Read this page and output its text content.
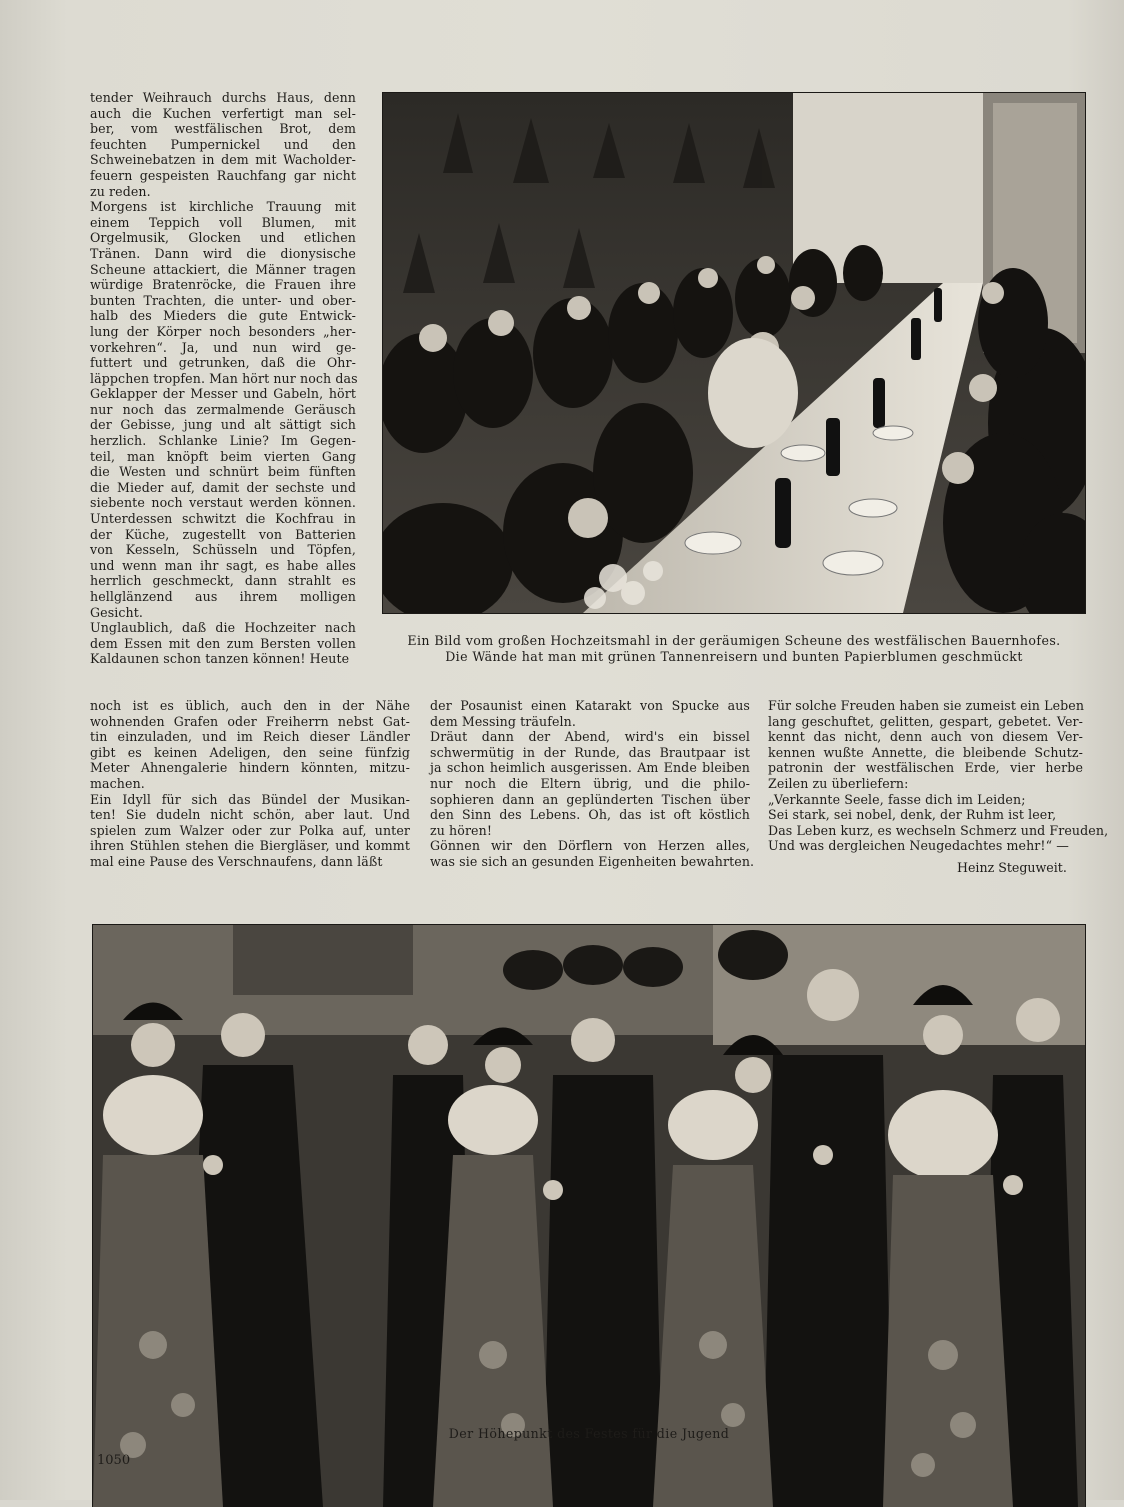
tender Weihrauch durchs Haus, denn
auch die Kuchen verfertigt man sel-
ber, vom westfälischen Brot, dem
feuchten Pumpernickel und den
Schweinebatzen in dem mit Wacholder-
feuern gespeisten Rauchfang gar nicht
zu reden.
Morgens ist kirchliche Trauung mit
einem Teppich voll Blumen, mit
Orgelmusik, Glocken und etlichen
Tränen. Dann wird die dionysische
Scheune attackiert, die Männer tragen
würdige Bratenröcke, die Frauen ihre
bunten Trachten, die unter- und ober-
halb des Mieders die gute Entwick-
lung der Körper noch besonders „her-
vorkehren“. Ja, und nun wird ge-
futtert und getrunken, daß die Ohr-
läppchen tropfen. Man hört nur noch das
Geklapper der Messer und Gabeln, hört
nur noch das zermalmende Geräusch
der Gebisse, jung und alt sättigt sich
herzlich. Schlanke Linie? Im Gegen-
teil, man knöpft beim vierten Gang
die Westen und schnürt beim fünften
die Mieder auf, damit der sechste und
siebente noch verstaut werden können.
Unterdessen schwitzt die Kochfrau in
der Küche, zugestellt von Batterien
von Kesseln, Schüsseln und Töpfen,
und wenn man ihr sagt, es habe alles
herrlich geschmeckt, dann strahlt es
hellglänzend aus ihrem molligen
Gesicht.
Unglaublich, daß die Hochzeiter nach
dem Essen mit den zum Bersten vollen
Kaldaunen schon tanzen können! Heute
Ein Bild vom großen Hochzeitsmahl in der geräumigen Scheune des westfälischen Bauernhofes.
Die Wände hat man mit grünen Tannenreisern und bunten Papierblumen geschmückt
noch ist es üblich, auch den in der Nähe
wohnenden Grafen oder Freiherrn nebst Gat-
tin einzuladen, und im Reich dieser Ländler
gibt es keinen Adeligen, den seine fünfzig
Meter Ahnengalerie hindern könnten, mitzu-
machen.
Ein Idyll für sich das Bündel der Musikan-
ten! Sie dudeln nicht schön, aber laut. Und
spielen zum Walzer oder zur Polka auf, unter
ihren Stühlen stehen die Biergläser, und kommt
mal eine Pause des Verschnaufens, dann läßt
der Posaunist einen Katarakt von Spucke aus
dem Messing träufeln.
Dräut dann der Abend, wird's ein bissel
schwermütig in der Runde, das Brautpaar ist
ja schon heimlich ausgerissen. Am Ende bleiben
nur noch die Eltern übrig, und die philo-
sophieren dann an geplünderten Tischen über
den Sinn des Lebens. Oh, das ist oft köstlich
zu hören!
Gönnen wir den Dörflern von Herzen alles,
was sie sich an gesunden Eigenheiten bewahrten.
Für solche Freuden haben sie zumeist ein Leben
lang geschuftet, gelitten, gespart, gebetet. Ver-
kennt das nicht, denn auch von diesem Ver-
kennen wußte Annette, die bleibende Schutz-
patronin der westfälischen Erde, vier herbe
Zeilen zu überliefern:
„Verkannte Seele, fasse dich im Leiden;
Sei stark, sei nobel, denk, der Ruhm ist leer,
Das Leben kurz, es wechseln Schmerz und Freuden,
Und was dergleichen Neugedachtes mehr!“ —
Heinz Steguweit.
Der Höhepunkt des Festes für die Jugend
1050
